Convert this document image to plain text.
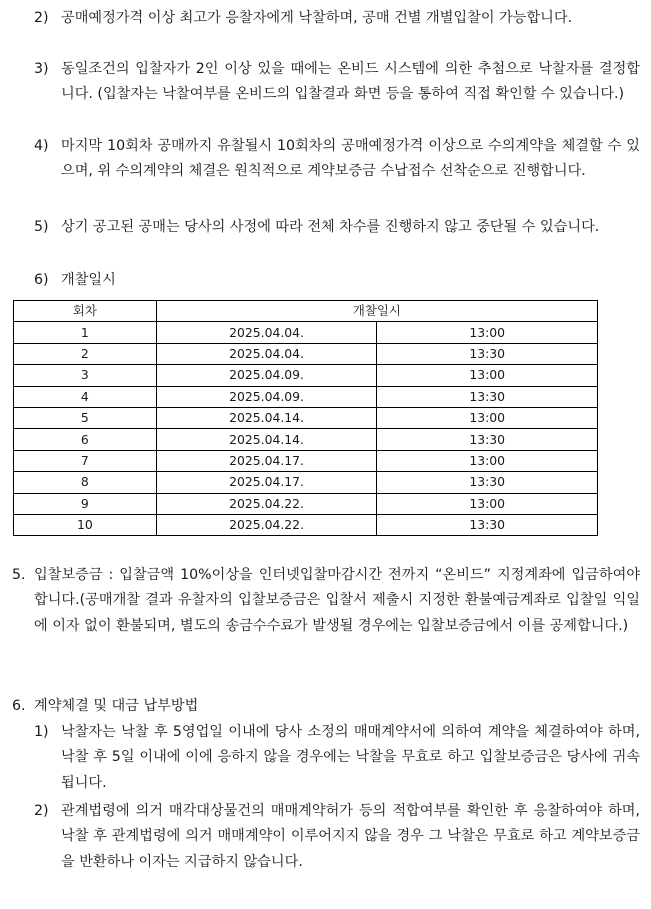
2) 공매예정가격 이상 최고가 응찰자에게 낙찰하며, 공매 건별 개별입찰이 가능합니다.
3) 동일조건의 입찰자가 2인 이상 있을 때에는 온비드 시스템에 의한 추첨으로 낙찰자를 결정합니다. (입찰자는 낙찰여부를 온비드의 입찰결과 화면 등을 통하여 직접 확인할 수 있습니다.)
4) 마지막 10회차 공매까지 유찰될시 10회차의 공매예정가격 이상으로 수의계약을 체결할 수 있으며, 위 수의계약의 체결은 원칙적으로 계약보증금 수납접수 선착순으로 진행합니다.
5) 상기 공고된 공매는 당사의 사정에 따라 전체 차수를 진행하지 않고 중단될 수 있습니다.
6) 개찰일시
회차	개찰일시	
1	2025.04.04.	13:00
2	2025.04.04.	13:30
3	2025.04.09.	13:00
4	2025.04.09.	13:30
5	2025.04.14.	13:00
6	2025.04.14.	13:30
7	2025.04.17.	13:00
8	2025.04.17.	13:30
9	2025.04.22.	13:00
10	2025.04.22.	13:30
5. 입찰보증금 : 입찰금액 10%이상을 인터넷입찰마감시간 전까지 “온비드” 지정계좌에 입금하여야 합니다.(공매개찰 결과 유찰자의 입찰보증금은 입찰서 제출시 지정한 환불예금계좌로 입찰일 익일에 이자 없이 환불되며, 별도의 송금수수료가 발생될 경우에는 입찰보증금에서 이를 공제합니다.)
6. 계약체결 및 대금 납부방법
1) 낙찰자는 낙찰 후 5영업일 이내에 당사 소정의 매매계약서에 의하여 계약을 체결하여야 하며, 낙찰 후 5일 이내에 이에 응하지 않을 경우에는 낙찰을 무효로 하고 입찰보증금은 당사에 귀속됩니다.
2) 관계법령에 의거 매각대상물건의 매매계약허가 등의 적합여부를 확인한 후 응찰하여야 하며, 낙찰 후 관계법령에 의거 매매계약이 이루어지지 않을 경우 그 낙찰은 무효로 하고 계약보증금을 반환하나 이자는 지급하지 않습니다.
